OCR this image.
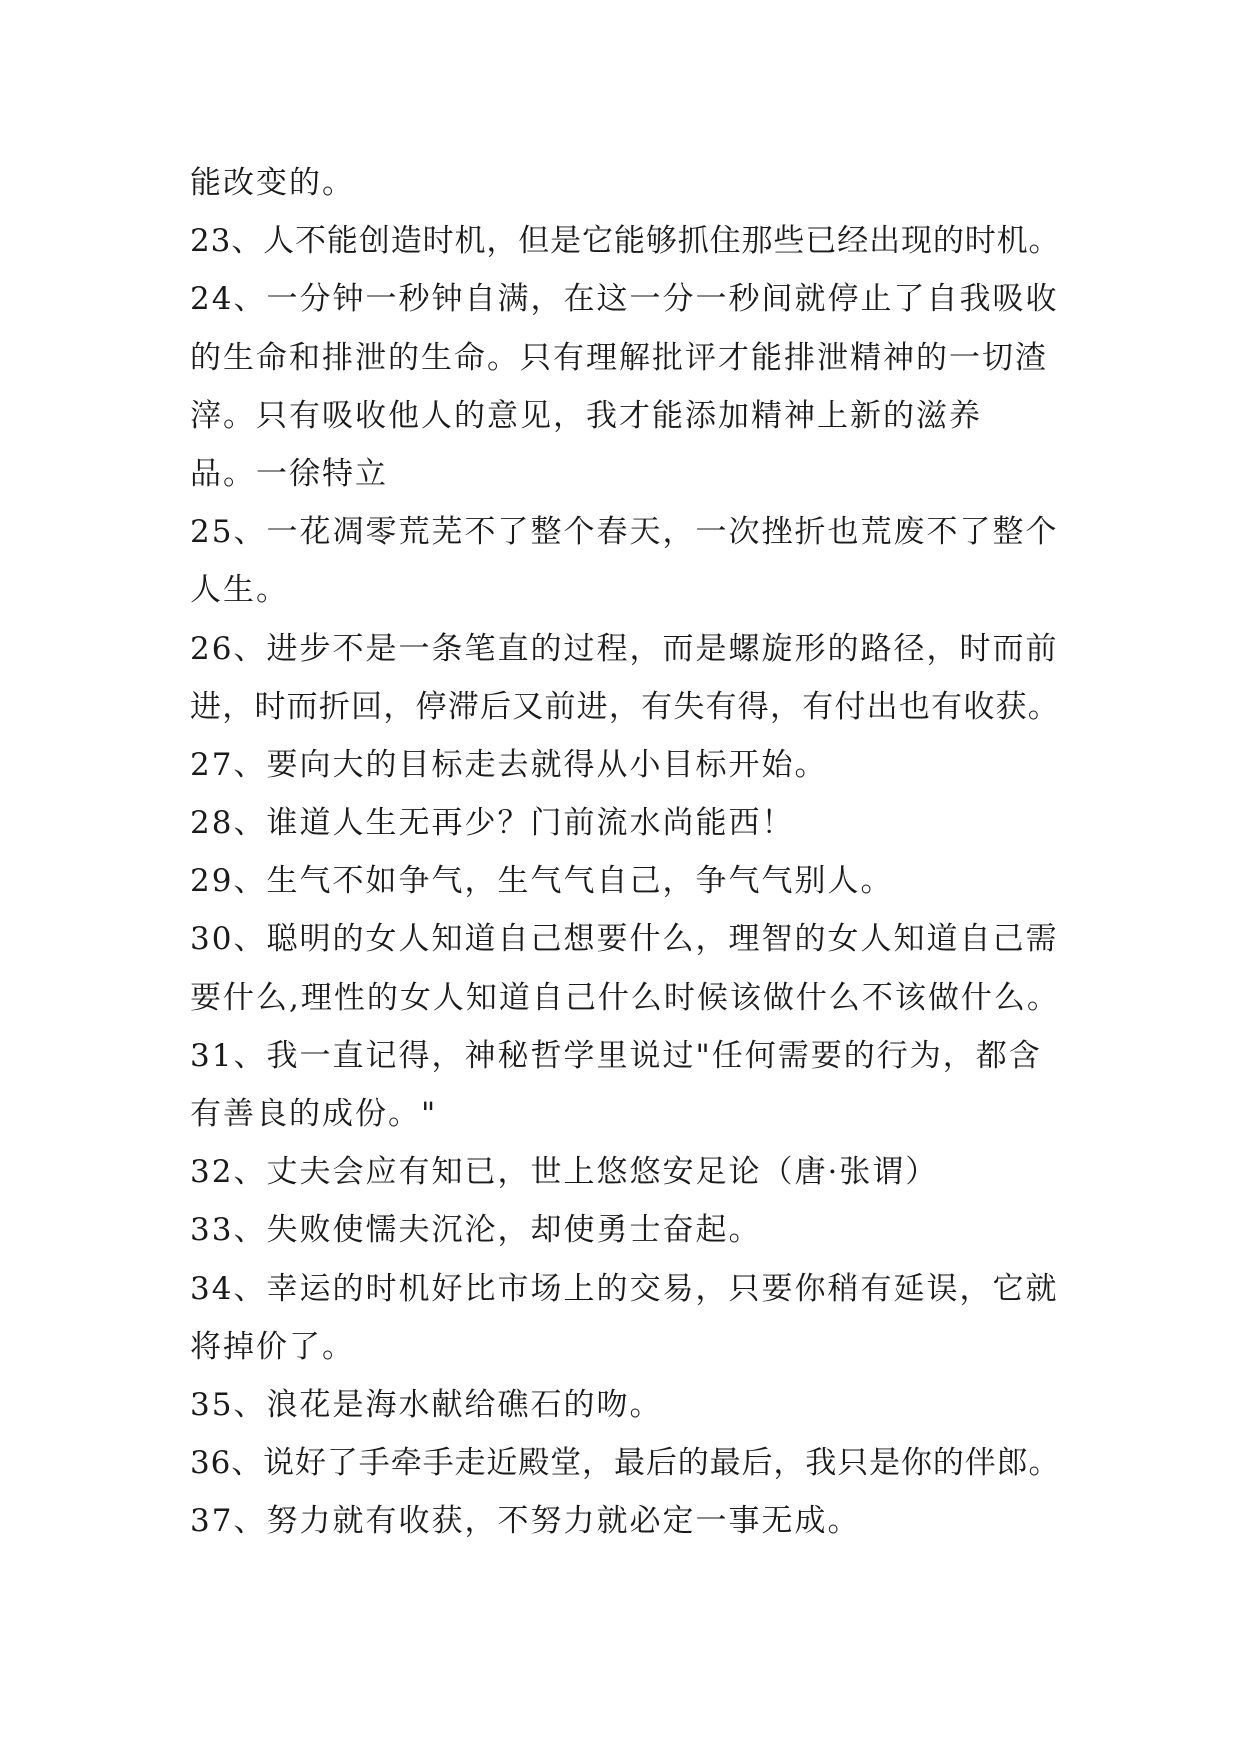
能改变的。
23、人不能创造时机，但是它能够抓住那些已经出现的时机。
24、一分钟一秒钟自满，在这一分一秒间就停止了自我吸收
的生命和排泄的生命。只有理解批评才能排泄精神的一切渣
滓。只有吸收他人的意见，我才能添加精神上新的滋养
品。一徐特立
25、一花凋零荒芜不了整个春天，一次挫折也荒废不了整个
人生。
26、进步不是一条笔直的过程，而是螺旋形的路径，时而前
进，时而折回，停滞后又前进，有失有得，有付出也有收获。
27、要向大的目标走去就得从小目标开始。
28、谁道人生无再少？门前流水尚能西！
29、生气不如争气，生气气自己，争气气别人。
30、聪明的女人知道自己想要什么，理智的女人知道自己需
要什么,理性的女人知道自己什么时候该做什么不该做什么。
31、我一直记得，神秘哲学里说过"任何需要的行为，都含
有善良的成份。"
32、丈夫会应有知已，世上悠悠安足论（唐·张谓）
33、失败使懦夫沉沦，却使勇士奋起。
34、幸运的时机好比市场上的交易，只要你稍有延误，它就
将掉价了。
35、浪花是海水献给礁石的吻。
36、说好了手牵手走近殿堂，最后的最后，我只是你的伴郎。
37、努力就有收获，不努力就必定一事无成。
